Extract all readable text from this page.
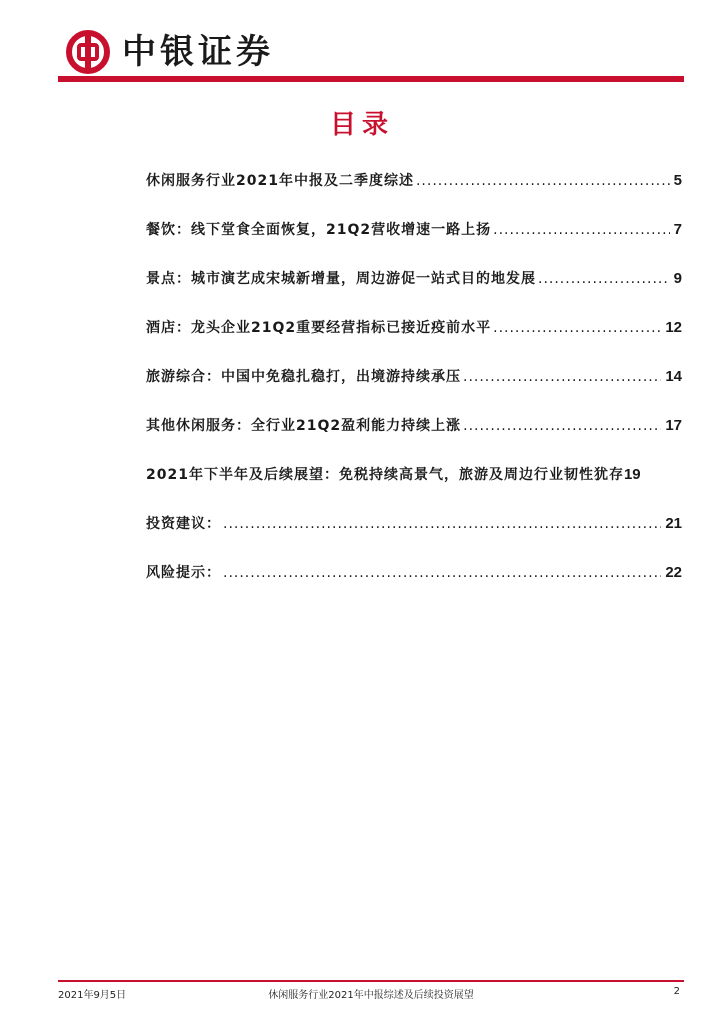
中银证券
目录
休闲服务行业2021年中报及二季度综述 .....	5
餐饮：线下堂食全面恢复，21Q2营收增速一路上扬 .....	7
景点：城市演艺成宋城新增量，周边游促一站式目的地发展 .....	9
酒店：龙头企业21Q2重要经营指标已接近疫前水平 .....	12
旅游综合：中国中免稳扎稳打，出境游持续承压 .....	14
其他休闲服务：全行业21Q2盈利能力持续上涨 .....	17
2021年下半年及后续展望：免税持续高景气，旅游及周边行业韧性犹存 19
投资建议： .....	21
风险提示： .....	22
2021年9月5日	休闲服务行业2021年中报综述及后续投资展望	2
